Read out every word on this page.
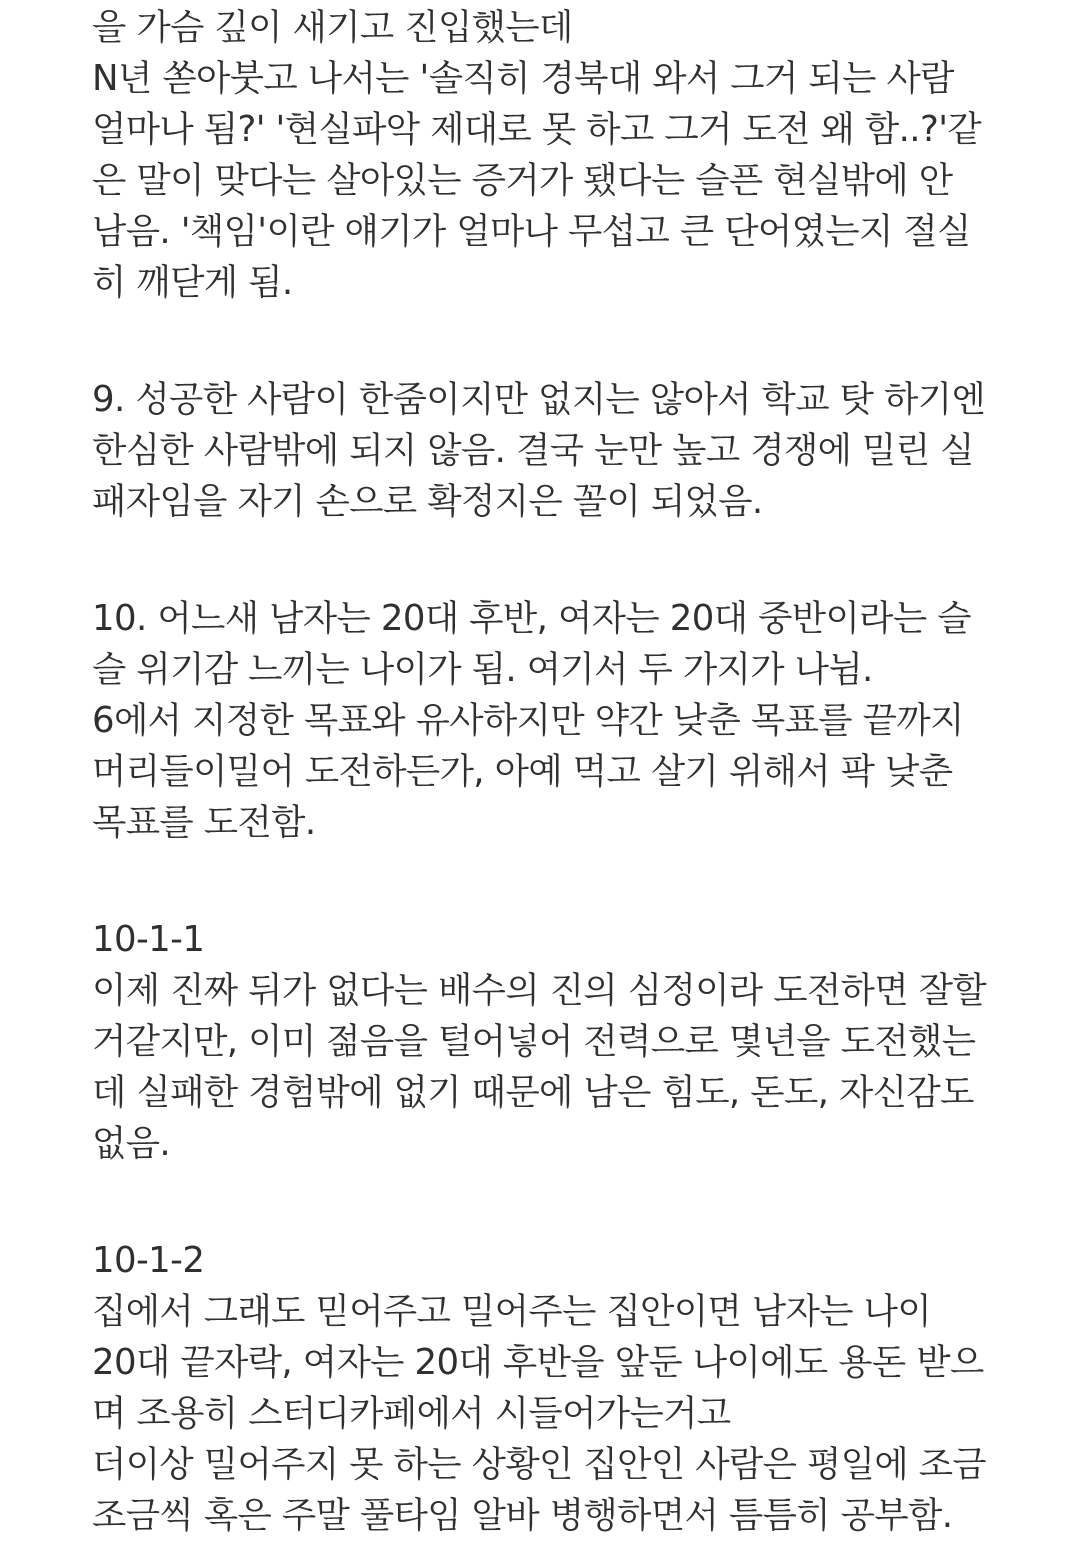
을 가슴 깊이 새기고 진입했는데
N년 쏟아붓고 나서는 '솔직히 경북대 와서 그거 되는 사람
얼마나 됨?' '현실파악 제대로 못 하고 그거 도전 왜 함..?'같
은 말이 맞다는 살아있는 증거가 됐다는 슬픈 현실밖에 안
남음. '책임'이란 얘기가 얼마나 무섭고 큰 단어였는지 절실
히 깨닫게 됨.
9. 성공한 사람이 한줌이지만 없지는 않아서 학교 탓 하기엔
한심한 사람밖에 되지 않음. 결국 눈만 높고 경쟁에 밀린 실
패자임을 자기 손으로 확정지은 꼴이 되었음.
10. 어느새 남자는 20대 후반, 여자는 20대 중반이라는 슬
슬 위기감 느끼는 나이가 됨. 여기서 두 가지가 나뉨.
6에서 지정한 목표와 유사하지만 약간 낮춘 목표를 끝까지
머리들이밀어 도전하든가, 아예 먹고 살기 위해서 팍 낮춘
목표를 도전함.
10-1-1
이제 진짜 뒤가 없다는 배수의 진의 심정이라 도전하면 잘할
거같지만, 이미 젊음을 털어넣어 전력으로 몇년을 도전했는
데 실패한 경험밖에 없기 때문에 남은 힘도, 돈도, 자신감도
없음.
10-1-2
집에서 그래도 믿어주고 밀어주는 집안이면 남자는 나이
20대 끝자락, 여자는 20대 후반을 앞둔 나이에도 용돈 받으
며 조용히 스터디카페에서 시들어가는거고
더이상 밀어주지 못 하는 상황인 집안인 사람은 평일에 조금
조금씩 혹은 주말 풀타임 알바 병행하면서 틈틈히 공부함.
